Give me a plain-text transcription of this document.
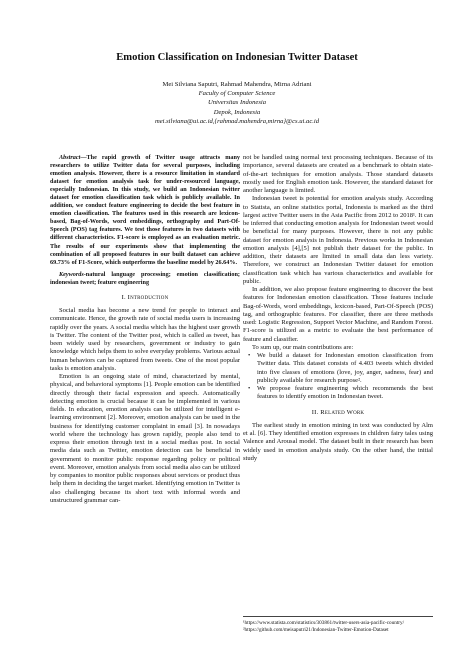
Emotion Classification on Indonesian Twitter Dataset
Mei Silviana Saputri, Rahmad Mahendra, Mirna Adriani
Faculty of Computer Science
Universitas Indonesia
Depok, Indonesia
mei.silviana@ui.ac.id,{rahmad.mahendra,mirna}@cs.ui.ac.id

Abstract—The rapid growth of Twitter usage attracts many researchers to utilize Twitter data for several purposes, including emotion analysis. However, there is a resource limitation in standard dataset for emotion analysis task for under-resourced language, especially Indonesian. In this study, we build an Indonesian twitter dataset for emotion classification task which is publicly available. In addition, we conduct feature engineering to decide the best feature in emotion classification. The features used in this research are lexicon-based, Bag-of-Words, word embeddings, orthography and Part-Of-Speech (POS) tag features. We test those features in two datasets with different characteristics. F1-score is employed as an evaluation metric. The results of our experiments show that implementing the combination of all proposed features in our built dataset can achieve 69.73% of F1-Score, which outperforms the baseline model by 26.64%.

Keywords-natural language processing; emotion classification; indonesian tweet; feature engineering

I. Introduction

Social media has become a new trend for people to interact and communicate. Hence, the growth rate of social media users is increasing rapidly over the years. A social media which has the highest user growth is Twitter. The content of the Twitter post, which is called as tweet, has been widely used by researchers, government or industry to gain knowledge which helps them to solve everyday problems. Various actual human behaviors can be captured from tweets. One of the most popular tasks is emotion analysis.

Emotion is an ongoing state of mind, characterized by mental, physical, and behavioral symptoms [1]. People emotion can be identified directly through their facial expression and speech. Automatically detecting emotion is crucial because it can be implemented in various fields. In education, emotion analysis can be utilized for intelligent e-learning environment [2]. Moreover, emotion analysis can be used in the business for identifying customer complaint in email [3]. In nowadays world where the technology has grown rapidly, people also tend to express their emotion through text in a social medias post. In social media data such as Twitter, emotion detection can be beneficial in government to monitor public response regarding policy or political event. Moreover, emotion analysis from social media also can be utilized by companies to monitor public responses about services or product thus help them in deciding the target market. Identifying emotion in Twitter is also challenging because its short text with informal words and unstructured grammar can-

not be handled using normal text processing techniques. Because of its importance, several datasets are created as a benchmark to obtain state-of-the-art techniques for emotion analysis. Those standard datasets mostly used for English emotion task. However, the standard dataset for another language is limited.

Indonesian tweet is potential for emotion analysis study. According to Statista, an online statistics portal, Indonesia is marked as the third largest active Twitter users in the Asia Pacific from 2012 to 2018¹. It can be inferred that conducting emotion analysis for Indonesian tweet would be beneficial for many purposes. However, there is not any public dataset for emotion analysis in Indonesia. Previous works in Indonesian emotion analysis [4],[5] not publish their dataset for the public. In addition, their datasets are limited in small data dan less variety. Therefore, we construct an Indonesian Twitter dataset for emotion classification task which has various characteristics and available for public.

In addition, we also propose feature engineering to discover the best features for Indonesian emotion classification. Those features include Bag-of-Words, word embeddings, lexicon-based, Part-Of-Speech (POS) tag, and orthographic features. For classifier, there are three methods used: Logistic Regression, Support Vector Machine, and Random Forest. F1-score is utilized as a metric to evaluate the best performance of feature and classifier.

To sum up, our main contributions are:

• We build a dataset for Indonesian emotion classification from Twitter data. This dataset consists of 4.403 tweets which divided into five classes of emotions (love, joy, anger, sadness, fear) and publicly available for research purpose².
• We propose feature engineering which recommends the best features to identify emotion in Indonesian tweet.
II. Related Work

The earliest study in emotion mining in text was conducted by Alm et al. [6]. They identified emotion expresses in children fairy tales using Valence and Arousal model. The dataset built in their research has been widely used in emotion analysis study. On the other hand, the initial study

¹https://www.statista.com/statistics/303861/twitter-users-asia-pacific-country/

²https://github.com/meisaputri21/Indonesian-Twitter-Emotion-Dataset
